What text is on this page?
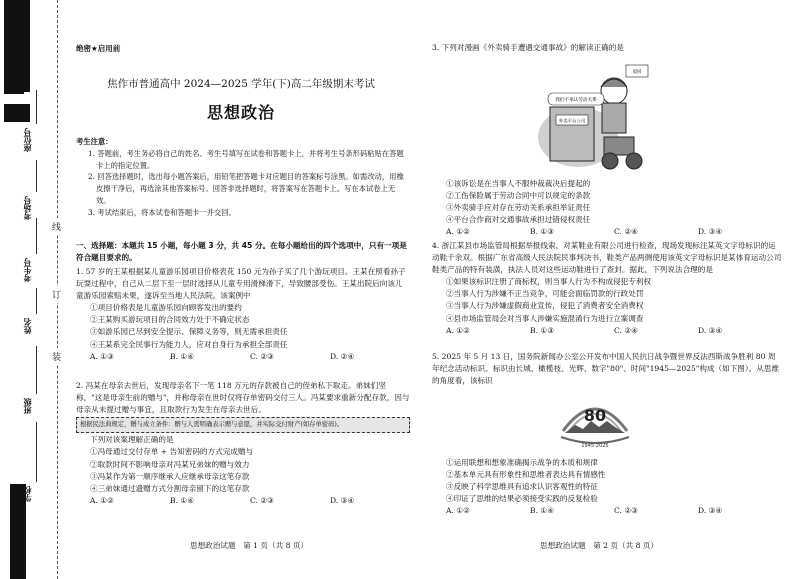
座位号
考场号
考生号
姓名
班级
学校
线
订
装
绝密★启用前
焦作市普通高中 2024—2025 学年(下)高二年级期末考试
思想政治
考生注意：
1. 答题前，考生务必将自己的姓名、考生号填写在试卷和答题卡上，并将考生号条形码粘贴在答题卡上的指定位置。
2. 回答选择题时，选出每小题答案后，用铅笔把答题卡对应题目的答案标号涂黑。如需改动，用橡皮擦干净后，再选涂其他答案标号。回答非选择题时，将答案写在答题卡上。写在本试卷上无效。
3. 考试结束后，将本试卷和答题卡一并交回。
一、选择题：本题共 15 小题，每小题 3 分，共 45 分。在每小题给出的四个选项中，只有一项是符合题目要求的。

1. 57 岁的王某根据某儿童游乐园项目价格表花 150 元为孙子买了几个游玩项目。王某在照看孙子玩耍过程中，自己从二层下至一层时选择从儿童专用滑梯滑下，导致腰部受伤。王某出院后向该儿童游乐园索赔未果，遂诉至当地人民法院。该案例中

①项目价格表是儿童游乐园向顾客发出的要约

②王某购买游玩项目的合同效力处于不确定状态

③如游乐园已尽到安全提示、保障义务等，则无需承担责任

④王某系完全民事行为能力人，应对自身行为承担全部责任

A. ①③	B. ①④	C. ②③	D. ②④

2. 冯某在母亲去世后，发现母亲名下一笔 118 万元的存款被自己的侄弟私下取走。弟妹们坚称，"这是母亲生前的赠与"，并称母亲在世时仅将存单密码交付三人。冯某要求重新分配存款，因与母亲从未提过赠与事宜，且取款行为发生在母亲去世后。

根据民法典规定，赠与成立条件：赠与人需明确表示赠与意愿，并实际交付财产(如存单密码)。

下列对该案理解正确的是

①冯母通过交付存单 + 告知密码的方式完成赠与

②取款时间不影响母亲对冯某兄弟妹的赠与效力

③冯某作为第一顺序继承人应继承母亲这笔存款

④三弟妹通过遗赠方式分割母亲留下的这笔存款

A. ①②	B. ①④	C. ②③	D. ③④
思想政治试题　第 1 页（共 8 页）

3. 下列对漫画《外卖骑手遭遇交通事故》的解读正确的是

外卖平台公司
驳回
我们不承认劳动关系

①该诉讼是在当事人不服仲裁裁决后提起的

②工伤保险属于劳动合同中可以规定的条款

③外卖骑手应对存在劳动关系承担举证责任

④平台合作商对交通事故承担过错侵权责任

A. ①②	B. ①③	C. ②④	D. ③④

4. 浙江某县市场监管局根据举报线索，对某鞋业有限公司进行检查，现场发现标注某英文字母标识的运动鞋千余双。根据广东省高级人民法院民事判决书，鞋类产品两侧使用该英文字母标识是某体育运动公司鞋类产品的特有装潢，执法人员对这些运动鞋进行了查封。据此，下列说法合理的是

①如果该标识注册了商标权，则当事人行为不构成侵犯专利权

②当事人行为涉嫌不正当竞争，可能会面临罚款的行政处罚

③当事人行为涉嫌虚假商业宣传，侵犯了消费者安全消费权

④县市场监管局会对当事人涉嫌实施混淆行为进行立案调查

A. ①②	B. ①③	C. ②④	D. ③④

5. 2025 年 5 月 13 日，国务院新闻办公室公开发布中国人民抗日战争暨世界反法西斯战争胜利 80 周年纪念活动标识。标识由长城、橄榄枝、光辉、数字"80"、时间"1945—2025"构成（如下图）。从思维的角度看，该标识

80
1945-2025

①运用联想和想象准确揭示战争的本质和规律

②基本单元具有形象性和思维者表达具有情感性

③反映了科学思维具有追求认识客观性的特征

④印证了思维的结果必须接受实践的反复检验

A. ①②	B. ①④	C. ②③	D. ③④
思想政治试题　第 2 页（共 8 页）
